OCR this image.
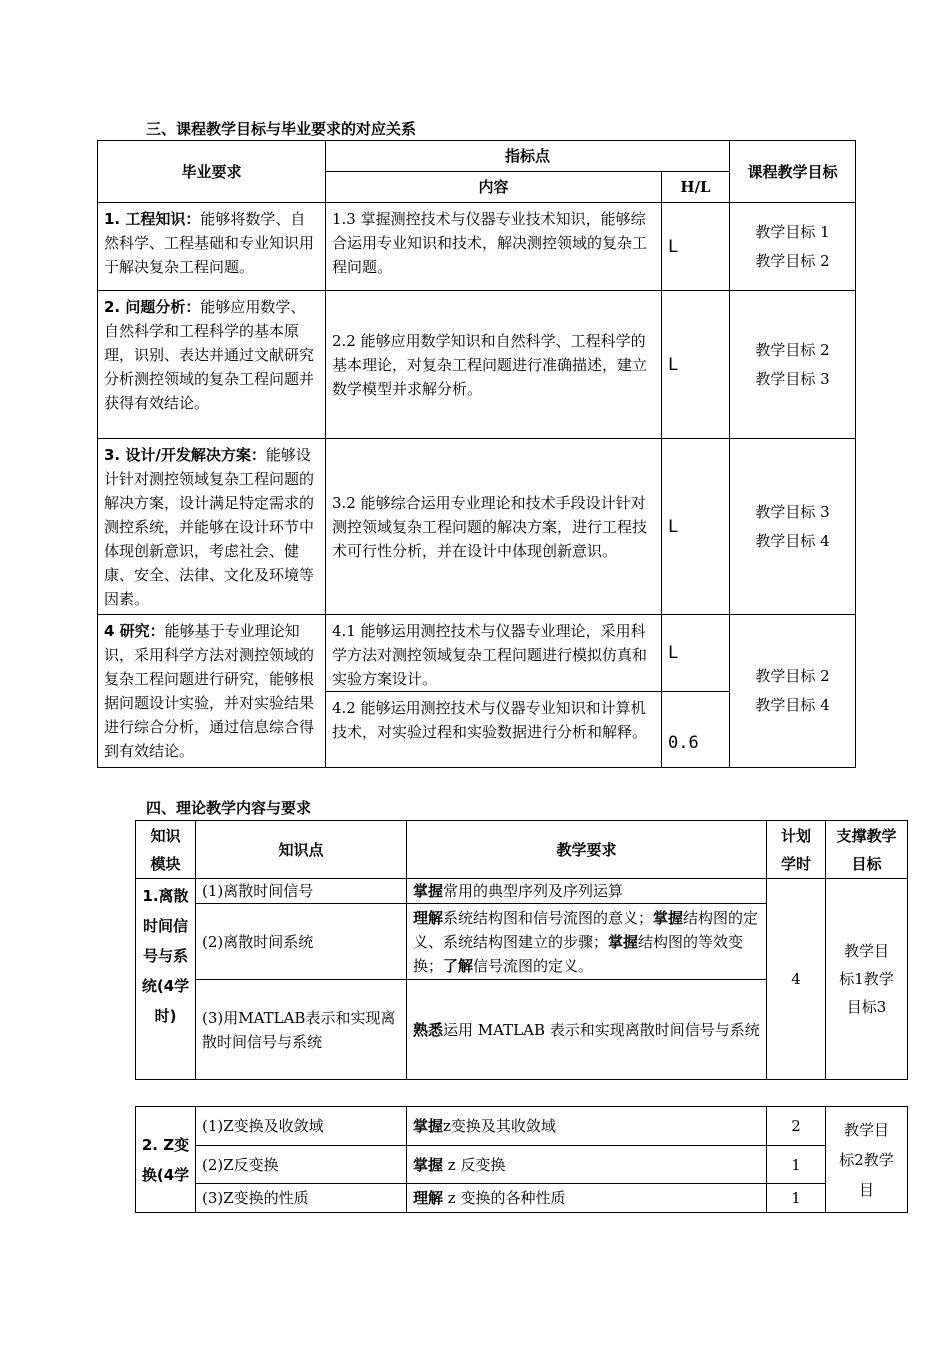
三、课程教学目标与毕业要求的对应关系
毕业要求	指标点		课程教学目标
	内容	H/L	
1. 工程知识：能够将数学、自然科学、工程基础和专业知识用于解决复杂工程问题。	1.3 掌握测控技术与仪器专业技术知识，能够综合运用专业知识和技术，解决测控领域的复杂工程问题。	L	教学目标 1
教学目标 2

2. 问题分析：能够应用数学、自然科学和工程科学的基本原理，识别、表达并通过文献研究分析测控领域的复杂工程问题并获得有效结论。	2.2 能够应用数学知识和自然科学、工程科学的基本理论，对复杂工程问题进行准确描述，建立数学模型并求解分析。	L	教学目标 2
教学目标 3

3. 设计/开发解决方案：能够设计针对测控领域复杂工程问题的解决方案，设计满足特定需求的测控系统，并能够在设计环节中体现创新意识，考虑社会、健康、安全、法律、文化及环境等因素。	3.2 能够综合运用专业理论和技术手段设计针对测控领域复杂工程问题的解决方案，进行工程技术可行性分析，并在设计中体现创新意识。	L	教学目标 3
教学目标 4

4 研究：能够基于专业理论知识，采用科学方法对测控领域的复杂工程问题进行研究，能够根据问题设计实验，并对实验结果进行综合分析，通过信息综合得到有效结论。	4.1 能够运用测控技术与仪器专业理论，采用科学方法对测控领域复杂工程问题进行模拟仿真和实验方案设计。	L	教学目标 2
教学目标 4

	4.2 能够运用测控技术与仪器专业知识和计算机技术，对实验过程和实验数据进行分析和解释。	0.6	
四、理论教学内容与要求
知识模块	知识点	教学要求	计划学时	支撑教学目标
1.离散时间信号与系统(4学时)	(1)离散时间信号	掌握常用的典型序列及序列运算	4	教学目标1教学目标3
	(2)离散时间系统	理解系统结构图和信号流图的意义；掌握结构图的定义、系统结构图建立的步骤；掌握结构图的等效变换；了解信号流图的定义。		
	(3)用MATLAB表示和实现离散时间信号与系统	熟悉运用 MATLAB 表示和实现离散时间信号与系统		
2. Z变换(4学	(1)Z变换及收敛域	掌握z变换及其收敛域	2	教学目标2教学目
	(2)Z反变换	掌握 z 反变换	1	
	(3)Z变换的性质	理解 z 变换的各种性质	1	
